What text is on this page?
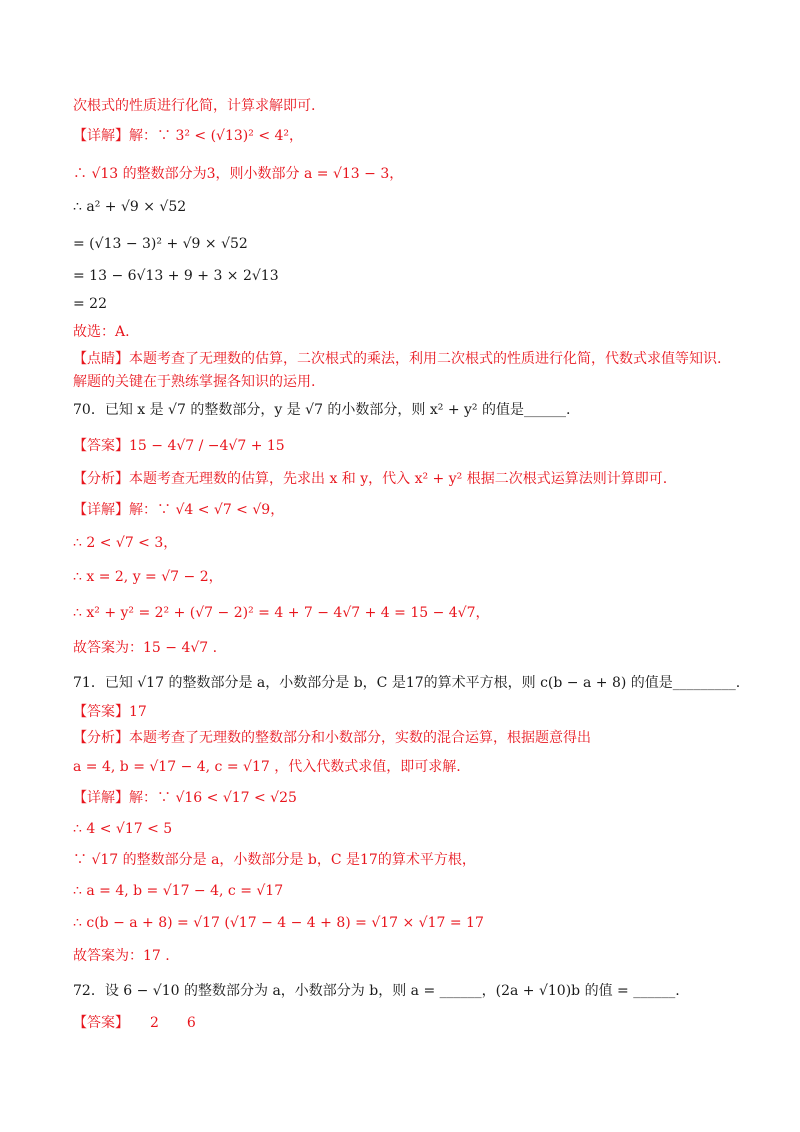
次根式的性质进行化简，计算求解即可.
【详解】解：∵ 3² < (√13)² < 4²，
∴ √13 的整数部分为3，则小数部分 a = √13 − 3，
∴ a² + √9 × √52
= (√13 − 3)² + √9 × √52
= 13 − 6√13 + 9 + 3 × 2√13
= 22
故选：A.
【点睛】本题考查了无理数的估算，二次根式的乘法，利用二次根式的性质进行化简，代数式求值等知识.
解题的关键在于熟练掌握各知识的运用.
70．已知 x 是 √7 的整数部分，y 是 √7 的小数部分，则 x² + y² 的值是______.
【答案】15 − 4√7 / −4√7 + 15
【分析】本题考查无理数的估算，先求出 x 和 y，代入 x² + y² 根据二次根式运算法则计算即可.
【详解】解：∵ √4 < √7 < √9，
∴ 2 < √7 < 3，
∴ x = 2, y = √7 − 2，
∴ x² + y² = 2² + (√7 − 2)² = 4 + 7 − 4√7 + 4 = 15 − 4√7，
故答案为：15 − 4√7 .
71．已知 √17 的整数部分是 a，小数部分是 b，C 是17的算术平方根，则 c(b − a + 8) 的值是_________.
【答案】17
【分析】本题考查了无理数的整数部分和小数部分，实数的混合运算，根据题意得出
a = 4, b = √17 − 4, c = √17 ，代入代数式求值，即可求解.
【详解】解：∵ √16 < √17 < √25
∴ 4 < √17 < 5
∵ √17 的整数部分是 a，小数部分是 b，C 是17的算术平方根，
∴ a = 4, b = √17 − 4, c = √17
∴ c(b − a + 8) = √17 (√17 − 4 − 4 + 8) = √17 × √17 = 17
故答案为：17 .
72．设 6 − √10 的整数部分为 a，小数部分为 b，则 a = ______，(2a + √10)b 的值 = ______.
【答案】　　2　　6
